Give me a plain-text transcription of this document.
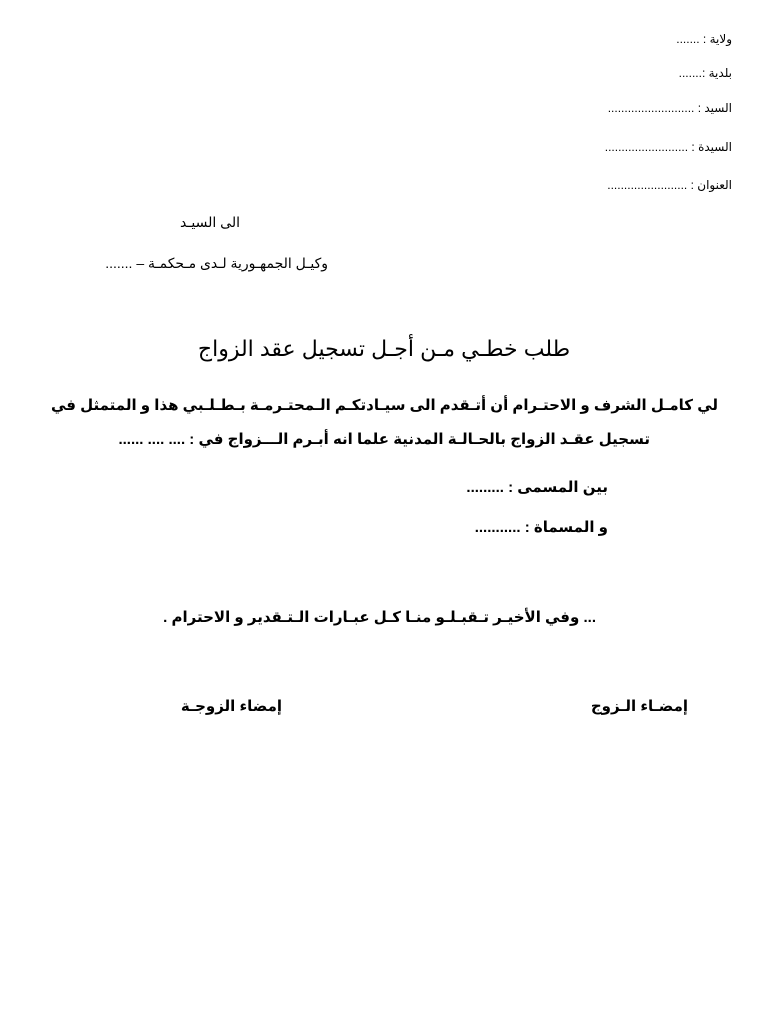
ولاية : .......
بلدية :.......
السيد : ..........................
السيدة : .........................
العنوان : ........................
الى السيـد
وكيـل الجمهـورية لـدى مـحكمـة – .......
طلب خطـي مـن أجـل تسجيل عقد الزواج
لي كامـل الشرف و الاحتـرام أن أتـقدم الى سيـادتكـم الـمحتـرمـة بـطـلـبي هذا و المتمثل في
تسجيل عقـد الزواج بالحـالـة المدنية علما انه أبـرم الـــزواج في : .... .... ......
بين المسمى : .........
و المسماة : ...........
... وفي الأخيـر تـقبـلـو منـا كـل عبـارات الـتـقدير و الاحترام .
إمضـاء الـزوج
إمضاء الزوجـة
